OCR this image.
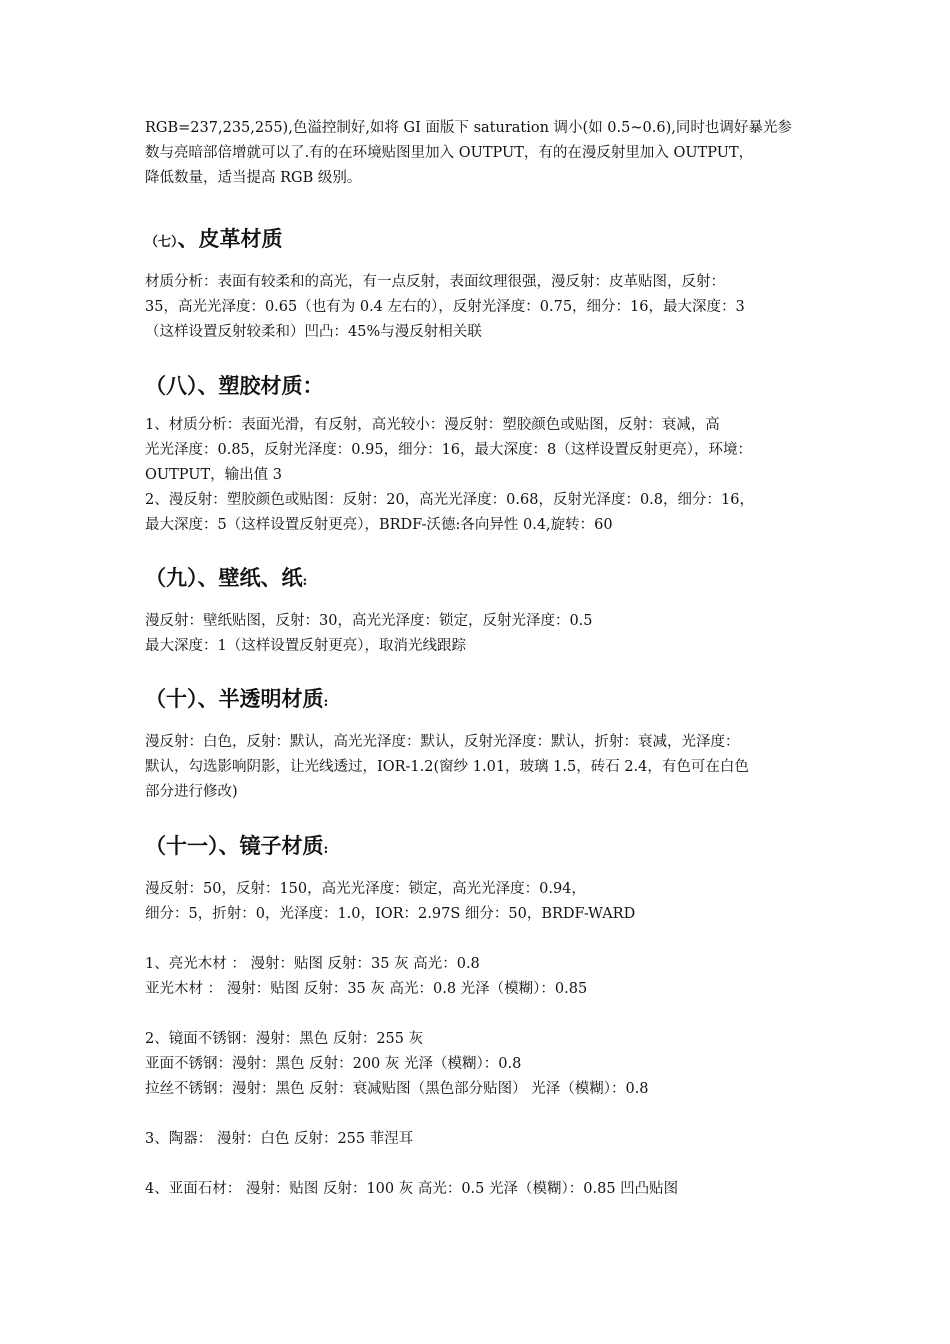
RGB=237,235,255),色溢控制好,如将 GI 面版下 saturation 调小(如 0.5~0.6),同时也调好暴光参

数与亮暗部倍增就可以了.有的在环境贴图里加入 OUTPUT，有的在漫反射里加入 OUTPUT，

降低数量，适当提高 RGB 级别。

（七）、皮革材质

材质分析：表面有较柔和的高光，有一点反射，表面纹理很强，漫反射：皮革贴图，反射：

35，高光光泽度：0.65（也有为 0.4 左右的），反射光泽度：0.75，细分：16，最大深度：3

（这样设置反射较柔和）凹凸：45%与漫反射相关联

（八）、塑胶材质：

1、材质分析：表面光滑，有反射，高光较小：漫反射：塑胶颜色或贴图，反射：衰减，高

光光泽度：0.85，反射光泽度：0.95，细分：16，最大深度：8（这样设置反射更亮），环境：

OUTPUT，输出值 3

2、漫反射：塑胶颜色或贴图：反射：20，高光光泽度：0.68，反射光泽度：0.8，细分：16，

最大深度：5（这样设置反射更亮），BRDF-沃德:各向异性 0.4,旋转：60

（九）、壁纸、纸:

漫反射：壁纸贴图，反射：30，高光光泽度：锁定，反射光泽度：0.5

最大深度：1（这样设置反射更亮），取消光线跟踪

（十）、半透明材质:

漫反射：白色，反射：默认，高光光泽度：默认，反射光泽度：默认，折射：衰减，光泽度：

默认，勾选影响阴影，让光线透过，IOR-1.2(窗纱 1.01，玻璃 1.5，砖石 2.4，有色可在白色

部分进行修改)

（十一）、镜子材质:

漫反射：50，反射：150，高光光泽度：锁定，高光光泽度：0.94，

细分：5，折射：0，光泽度：1.0，IOR：2.97S 细分：50，BRDF-WARD

1、亮光木材 ： 漫射：贴图 反射：35 灰 高光：0.8

亚光木材 ： 漫射：贴图 反射：35 灰 高光：0.8 光泽（模糊）：0.85

2、镜面不锈钢：漫射：黑色 反射：255 灰

亚面不锈钢：漫射：黑色 反射：200 灰 光泽（模糊）：0.8

拉丝不锈钢：漫射：黑色 反射：衰减贴图（黑色部分贴图） 光泽（模糊）：0.8

3、陶器： 漫射：白色 反射：255 菲涅耳

4、亚面石材： 漫射：贴图 反射：100 灰 高光：0.5 光泽（模糊）：0.85 凹凸贴图
